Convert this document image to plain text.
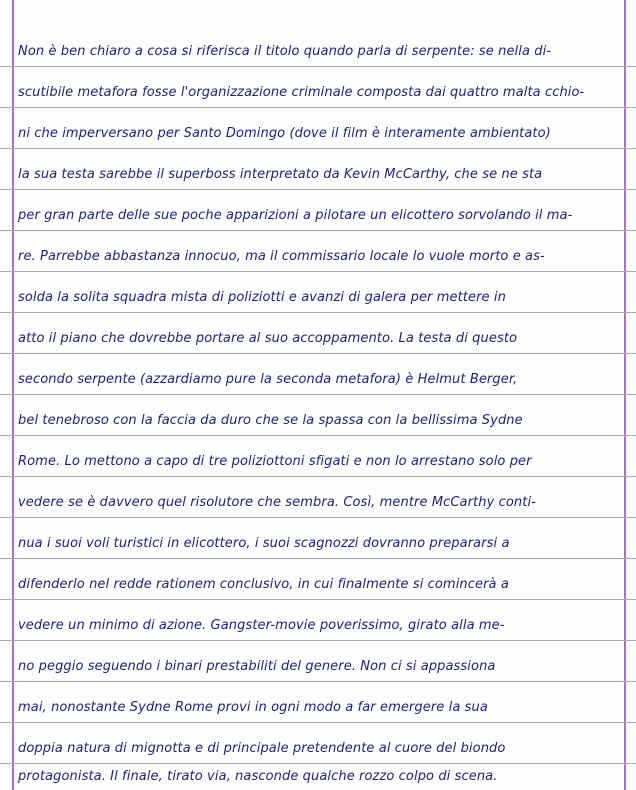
Non è ben chiaro a cosa si riferisca il titolo quando parla di serpente: se nella di-
scutibile metafora fosse l'organizzazione criminale composta dai quattro malta cchio-
ni che imperversano per Santo Domingo (dove il film è interamente ambientato)
la sua testa sarebbe il superboss interpretato da Kevin McCarthy, che se ne sta
per gran parte delle sue poche apparizioni a pilotare un elicottero sorvolando il ma-
re. Parrebbe abbastanza innocuo, ma il commissario locale lo vuole morto e as-
solda la solita squadra mista di poliziotti e avanzi di galera per mettere in
atto il piano che dovrebbe portare al suo accoppamento. La testa di questo
secondo serpente (azzardiamo pure la seconda metafora) è Helmut Berger,
bel tenebroso con la faccia da duro che se la spassa con la bellissima Sydne
Rome. Lo mettono a capo di tre poliziottoni sfigati e non lo arrestano solo per
vedere se è davvero quel risolutore che sembra. Così, mentre McCarthy conti-
nua i suoi voli turistici in elicottero, i suoi scagnozzi dovranno prepararsi a
difenderlo nel redde rationem conclusivo, in cui finalmente si comincerà a
vedere un minimo di azione. Gangster-movie poverissimo, girato alla me-
no peggio seguendo i binari prestabiliti del genere. Non ci si appassiona
mai, nonostante Sydne Rome provi in ogni modo a far emergere la sua
doppia natura di mignotta e di principale pretendente al cuore del biondo
protagonista. Il finale, tirato via, nasconde qualche rozzo colpo di scena.
